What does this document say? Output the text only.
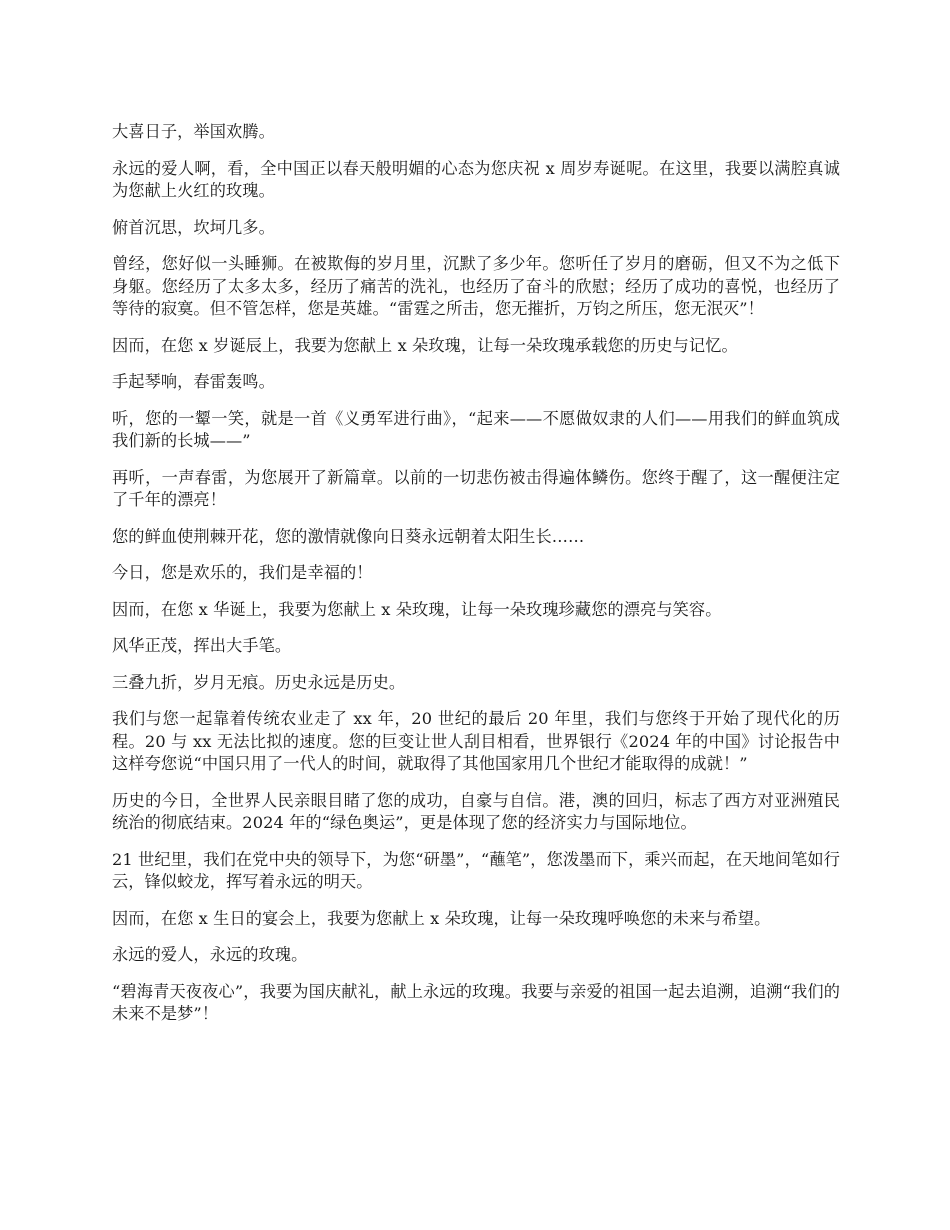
大喜日子，举国欢腾。

永远的爱人啊，看，全中国正以春天般明媚的心态为您庆祝 x 周岁寿诞呢。在这里，我要以满腔真诚为您献上火红的玫瑰。

俯首沉思，坎坷几多。

曾经，您好似一头睡狮。在被欺侮的岁月里，沉默了多少年。您听任了岁月的磨砺，但又不为之低下身躯。您经历了太多太多，经历了痛苦的洗礼，也经历了奋斗的欣慰；经历了成功的喜悦，也经历了等待的寂寞。但不管怎样，您是英雄。“雷霆之所击，您无摧折，万钧之所压，您无泯灭”！

因而，在您 x 岁诞辰上，我要为您献上 x 朵玫瑰，让每一朵玫瑰承载您的历史与记忆。

手起琴响，春雷轰鸣。

听，您的一颦一笑，就是一首《义勇军进行曲》，“起来——不愿做奴隶的人们——用我们的鲜血筑成我们新的长城——”

再听，一声春雷，为您展开了新篇章。以前的一切悲伤被击得遍体鳞伤。您终于醒了，这一醒便注定了千年的漂亮！

您的鲜血使荆棘开花，您的激情就像向日葵永远朝着太阳生长……

今日，您是欢乐的，我们是幸福的！

因而，在您 x 华诞上，我要为您献上 x 朵玫瑰，让每一朵玫瑰珍藏您的漂亮与笑容。

风华正茂，挥出大手笔。

三叠九折，岁月无痕。历史永远是历史。

我们与您一起靠着传统农业走了 xx 年，20 世纪的最后 20 年里，我们与您终于开始了现代化的历程。20 与 xx 无法比拟的速度。您的巨变让世人刮目相看，世界银行《2024 年的中国》讨论报告中这样夸您说“中国只用了一代人的时间，就取得了其他国家用几个世纪才能取得的成就！”

历史的今日，全世界人民亲眼目睹了您的成功，自豪与自信。港，澳的回归，标志了西方对亚洲殖民统治的彻底结束。2024 年的“绿色奥运”，更是体现了您的经济实力与国际地位。

21 世纪里，我们在党中央的领导下，为您“研墨”，“蘸笔”，您泼墨而下，乘兴而起，在天地间笔如行云，锋似蛟龙，挥写着永远的明天。

因而，在您 x 生日的宴会上，我要为您献上 x 朵玫瑰，让每一朵玫瑰呼唤您的未来与希望。

永远的爱人，永远的玫瑰。

“碧海青天夜夜心”，我要为国庆献礼，献上永远的玫瑰。我要与亲爱的祖国一起去追溯，追溯“我们的未来不是梦”！
